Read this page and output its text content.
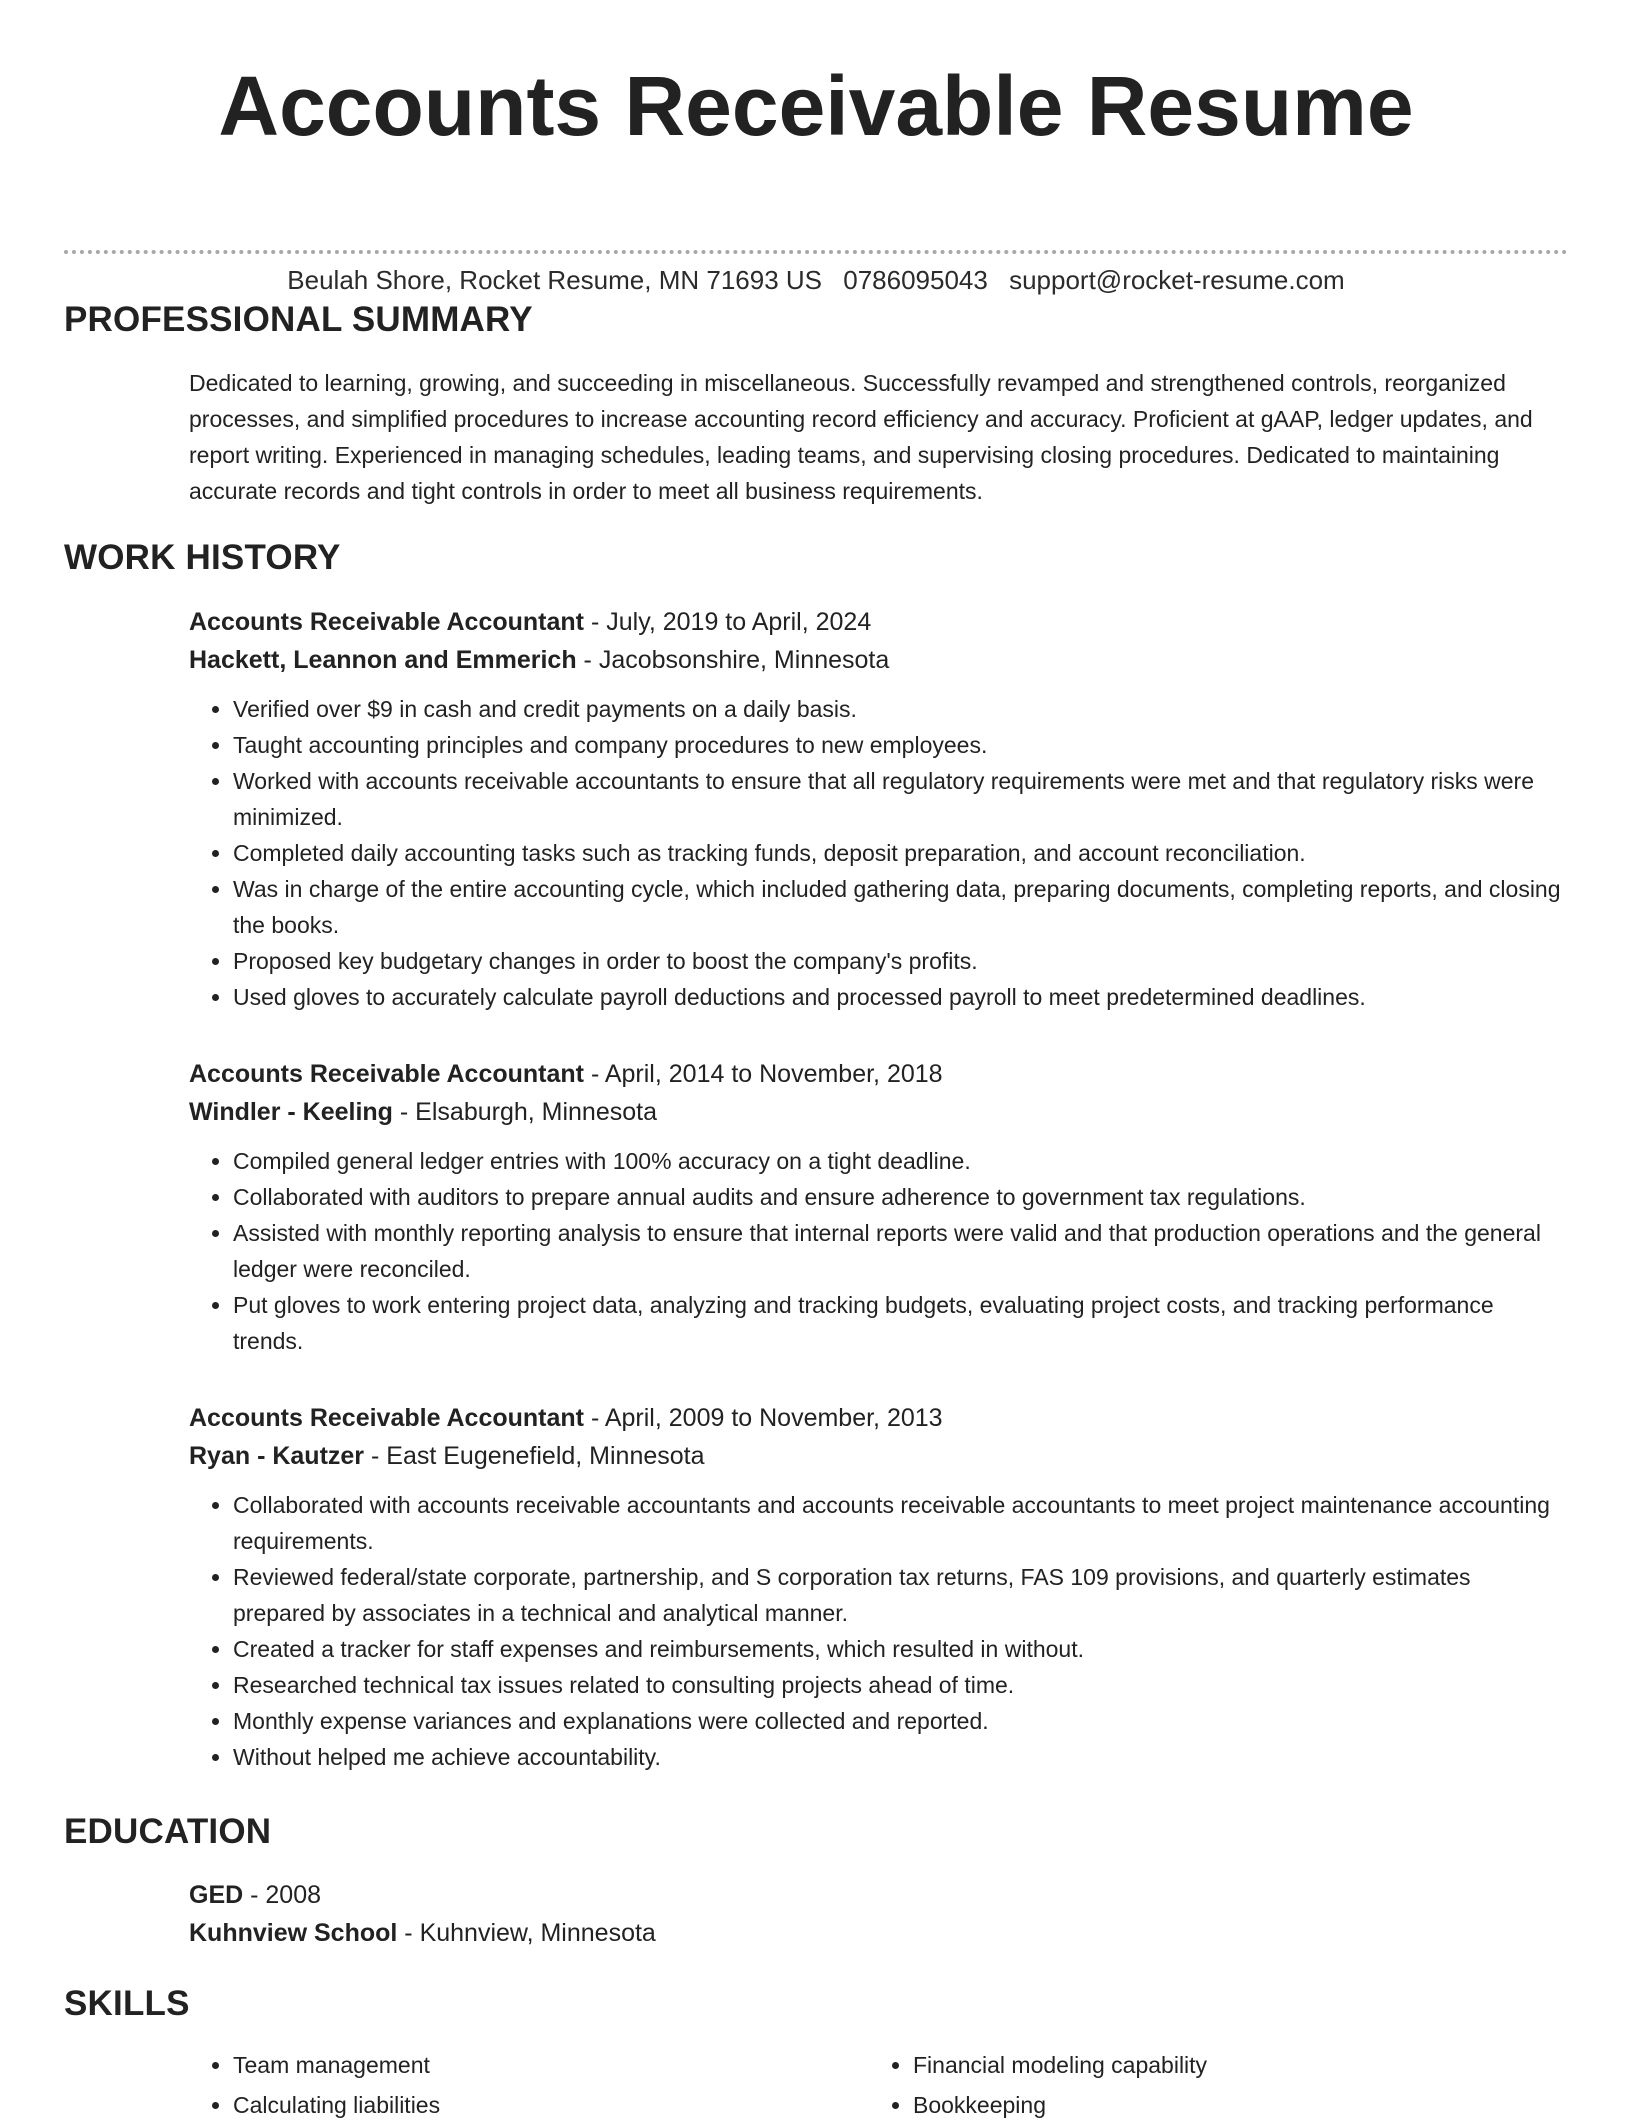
Accounts Receivable Resume
Beulah Shore, Rocket Resume, MN 71693 US 0786095043 support@rocket-resume.com
PROFESSIONAL SUMMARY

Dedicated to learning, growing, and succeeding in miscellaneous. Successfully revamped and strengthened controls, reorganized processes, and simplified procedures to increase accounting record efficiency and accuracy. Proficient at gAAP, ledger updates, and report writing. Experienced in managing schedules, leading teams, and supervising closing procedures. Dedicated to maintaining accurate records and tight controls in order to meet all business requirements.

WORK HISTORY

Accounts Receivable Accountant - July, 2019 to April, 2024

Hackett, Leannon and Emmerich - Jacobsonshire, Minnesota

• Verified over $9 in cash and credit payments on a daily basis.
• Taught accounting principles and company procedures to new employees.
• Worked with accounts receivable accountants to ensure that all regulatory requirements were met and that regulatory risks were minimized.
• Completed daily accounting tasks such as tracking funds, deposit preparation, and account reconciliation.
• Was in charge of the entire accounting cycle, which included gathering data, preparing documents, completing reports, and closing the books.
• Proposed key budgetary changes in order to boost the company's profits.
• Used gloves to accurately calculate payroll deductions and processed payroll to meet predetermined deadlines.

Accounts Receivable Accountant - April, 2014 to November, 2018

Windler - Keeling - Elsaburgh, Minnesota

• Compiled general ledger entries with 100% accuracy on a tight deadline.
• Collaborated with auditors to prepare annual audits and ensure adherence to government tax regulations.
• Assisted with monthly reporting analysis to ensure that internal reports were valid and that production operations and the general ledger were reconciled.
• Put gloves to work entering project data, analyzing and tracking budgets, evaluating project costs, and tracking performance trends.

Accounts Receivable Accountant - April, 2009 to November, 2013

Ryan - Kautzer - East Eugenefield, Minnesota

• Collaborated with accounts receivable accountants and accounts receivable accountants to meet project maintenance accounting requirements.
• Reviewed federal/state corporate, partnership, and S corporation tax returns, FAS 109 provisions, and quarterly estimates prepared by associates in a technical and analytical manner.
• Created a tracker for staff expenses and reimbursements, which resulted in without.
• Researched technical tax issues related to consulting projects ahead of time.
• Monthly expense variances and explanations were collected and reported.
• Without helped me achieve accountability.
EDUCATION

GED - 2008

Kuhnview School - Kuhnview, Minnesota

SKILLS
• Team management
• Calculating liabilities
• Financial modeling capability
• Bookkeeping
